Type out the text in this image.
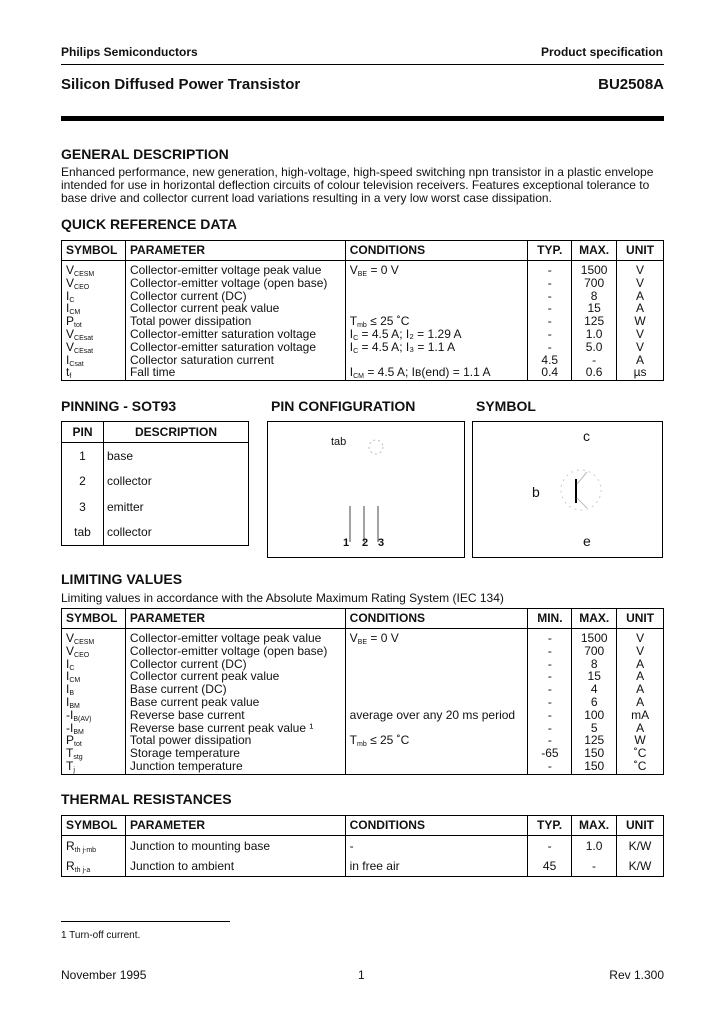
Philips Semiconductors	Product specification
Silicon Diffused Power Transistor	BU2508A
GENERAL DESCRIPTION
Enhanced performance, new generation, high-voltage, high-speed switching npn transistor in a plastic envelope
intended for use in horizontal deflection circuits of colour television receivers. Features exceptional tolerance to
base drive and collector current load variations resulting in a very low worst case dissipation.
QUICK REFERENCE DATA
SYMBOL	PARAMETER	CONDITIONS	TYP.	MAX.	UNIT
$V_{CESM}$	Collector-emitter voltage peak value	$V_{BE} = 0$ V	-	1500	V
$V_{CEO}$	Collector-emitter voltage (open base)		-	700	V
$I_C$	Collector current (DC)		-	8	A
$I_{CM}$	Collector current peak value		-	15	A
$P_{tot}$	Total power dissipation	$T_{mb} \le 25$ ˚C	-	125	W
$V_{CEsat}$	Collector-emitter saturation voltage	$I_C = 4.5$ A; I₂ = 1.29 A	-	1.0	V
$V_{CEsat}$	Collector-emitter saturation voltage	$I_C = 4.5$ A; I₃ = 1.1 A	-	5.0	V
$I_{Csat}$	Collector saturation current		4.5	-	A
$t_f$	Fall time	$I_{CM} = 4.5$ A; Iʙ(end) = 1.1 A	0.4	0.6	µs
PINNING - SOT93
PIN	DESCRIPTION
1	base
2	collector
3	emitter
tab	collector
PIN CONFIGURATION
tab
1 2 3
SYMBOL
c
b
e
LIMITING VALUES
Limiting values in accordance with the Absolute Maximum Rating System (IEC 134)
SYMBOL	PARAMETER	CONDITIONS	MIN.	MAX.	UNIT
$V_{CESM}$	Collector-emitter voltage peak value	$V_{BE} = 0$ V	-	1500	V
$V_{CEO}$	Collector-emitter voltage (open base)		-	700	V
$I_C$	Collector current (DC)		-	8	A
$I_{CM}$	Collector current peak value		-	15	A
$I_B$	Base current (DC)		-	4	A
$I_{BM}$	Base current peak value		-	6	A
$-I_{B(AV)}$	Reverse base current	average over any 20 ms period	-	100	mA
$-I_{BM}$	Reverse base current peak value ¹		-	5	A
$P_{tot}$	Total power dissipation	$T_{mb} \le 25$ ˚C	-	125	W
$T_{stg}$	Storage temperature		-65	150	˚C
$T_j$	Junction temperature		-	150	˚C
THERMAL RESISTANCES
SYMBOL	PARAMETER	CONDITIONS	TYP.	MAX.	UNIT
$R_{th j-mb}$	Junction to mounting base	-	-	1.0	K/W
$R_{th j-a}$	Junction to ambient	in free air	45	-	K/W
1 Turn-off current.
November 1995	1	Rev 1.300
